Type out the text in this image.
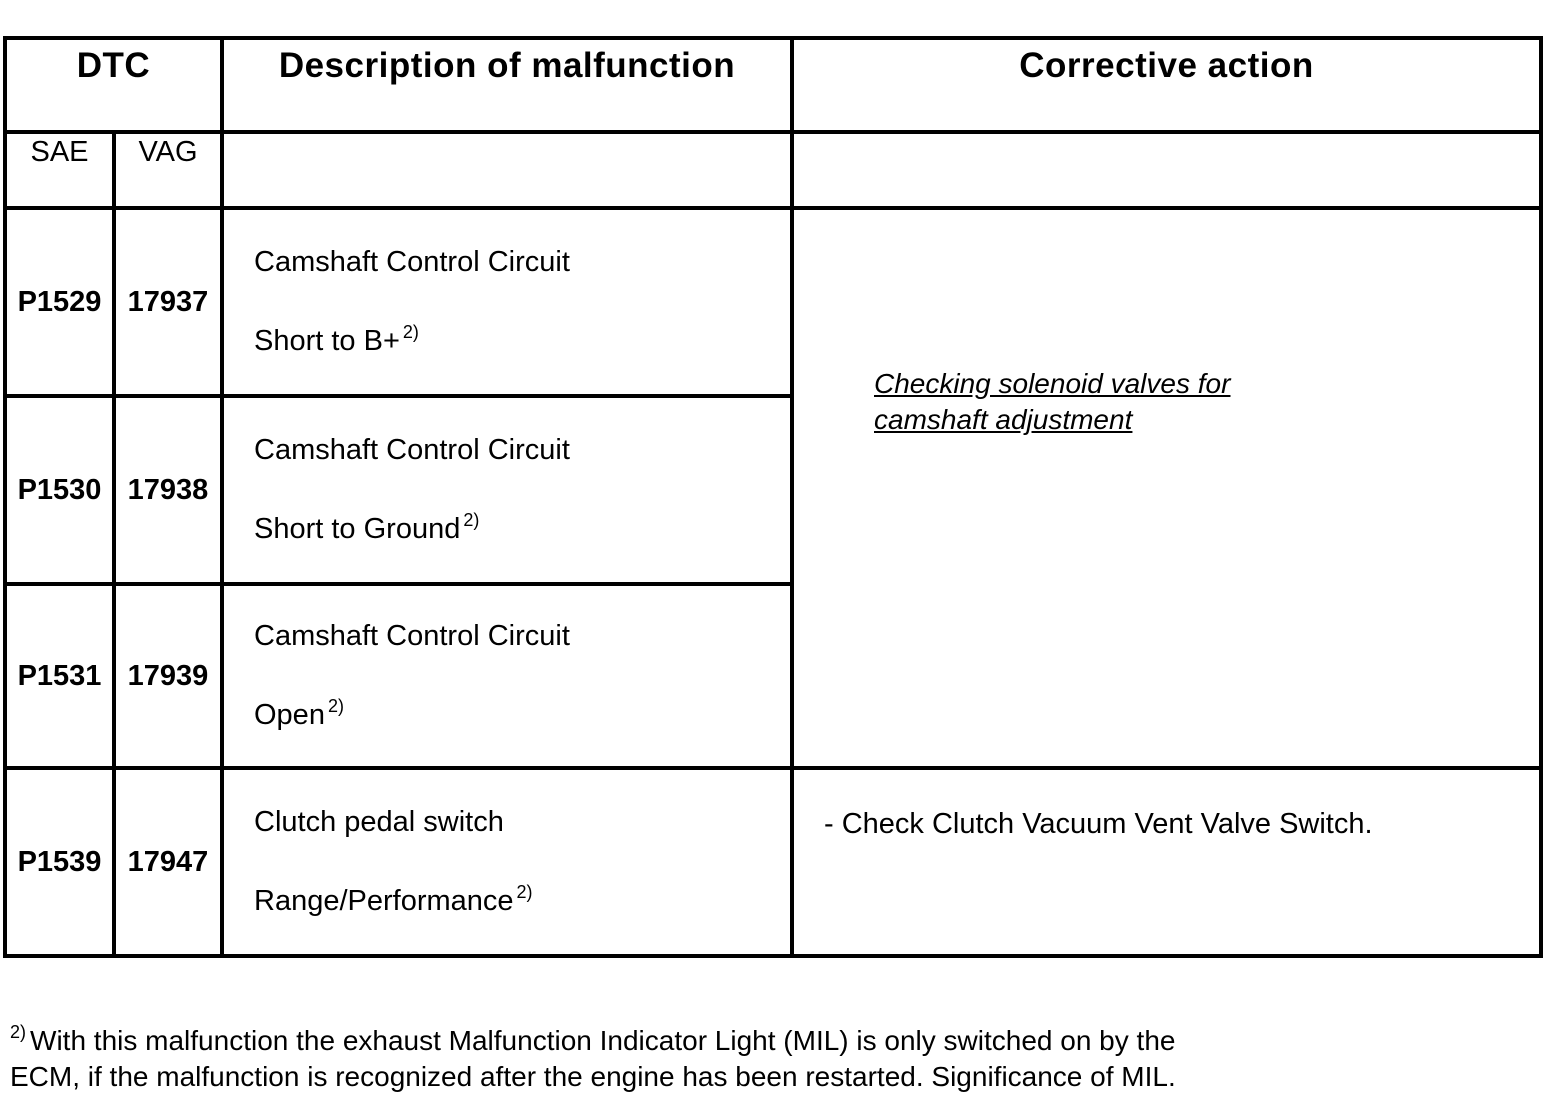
DTC		Description of malfunction	Corrective action
SAE	VAG		
P1529	17937	Camshaft Control Circuit
Short to B+ $^{2)}$	Checking solenoid valves for
camshaft adjustment
P1530	17938	Camshaft Control Circuit
Short to Ground $^{2)}$

P1531	17939	Camshaft Control Circuit
Open $^{2)}$

P1539	17947	Clutch pedal switch
Range/Performance $^{2)}$	- Check Clutch Vacuum Vent Valve Switch.
$^{2)}$ With this malfunction the exhaust Malfunction Indicator Light (MIL) is only switched on by the
ECM, if the malfunction is recognized after the engine has been restarted. Significance of MIL.
